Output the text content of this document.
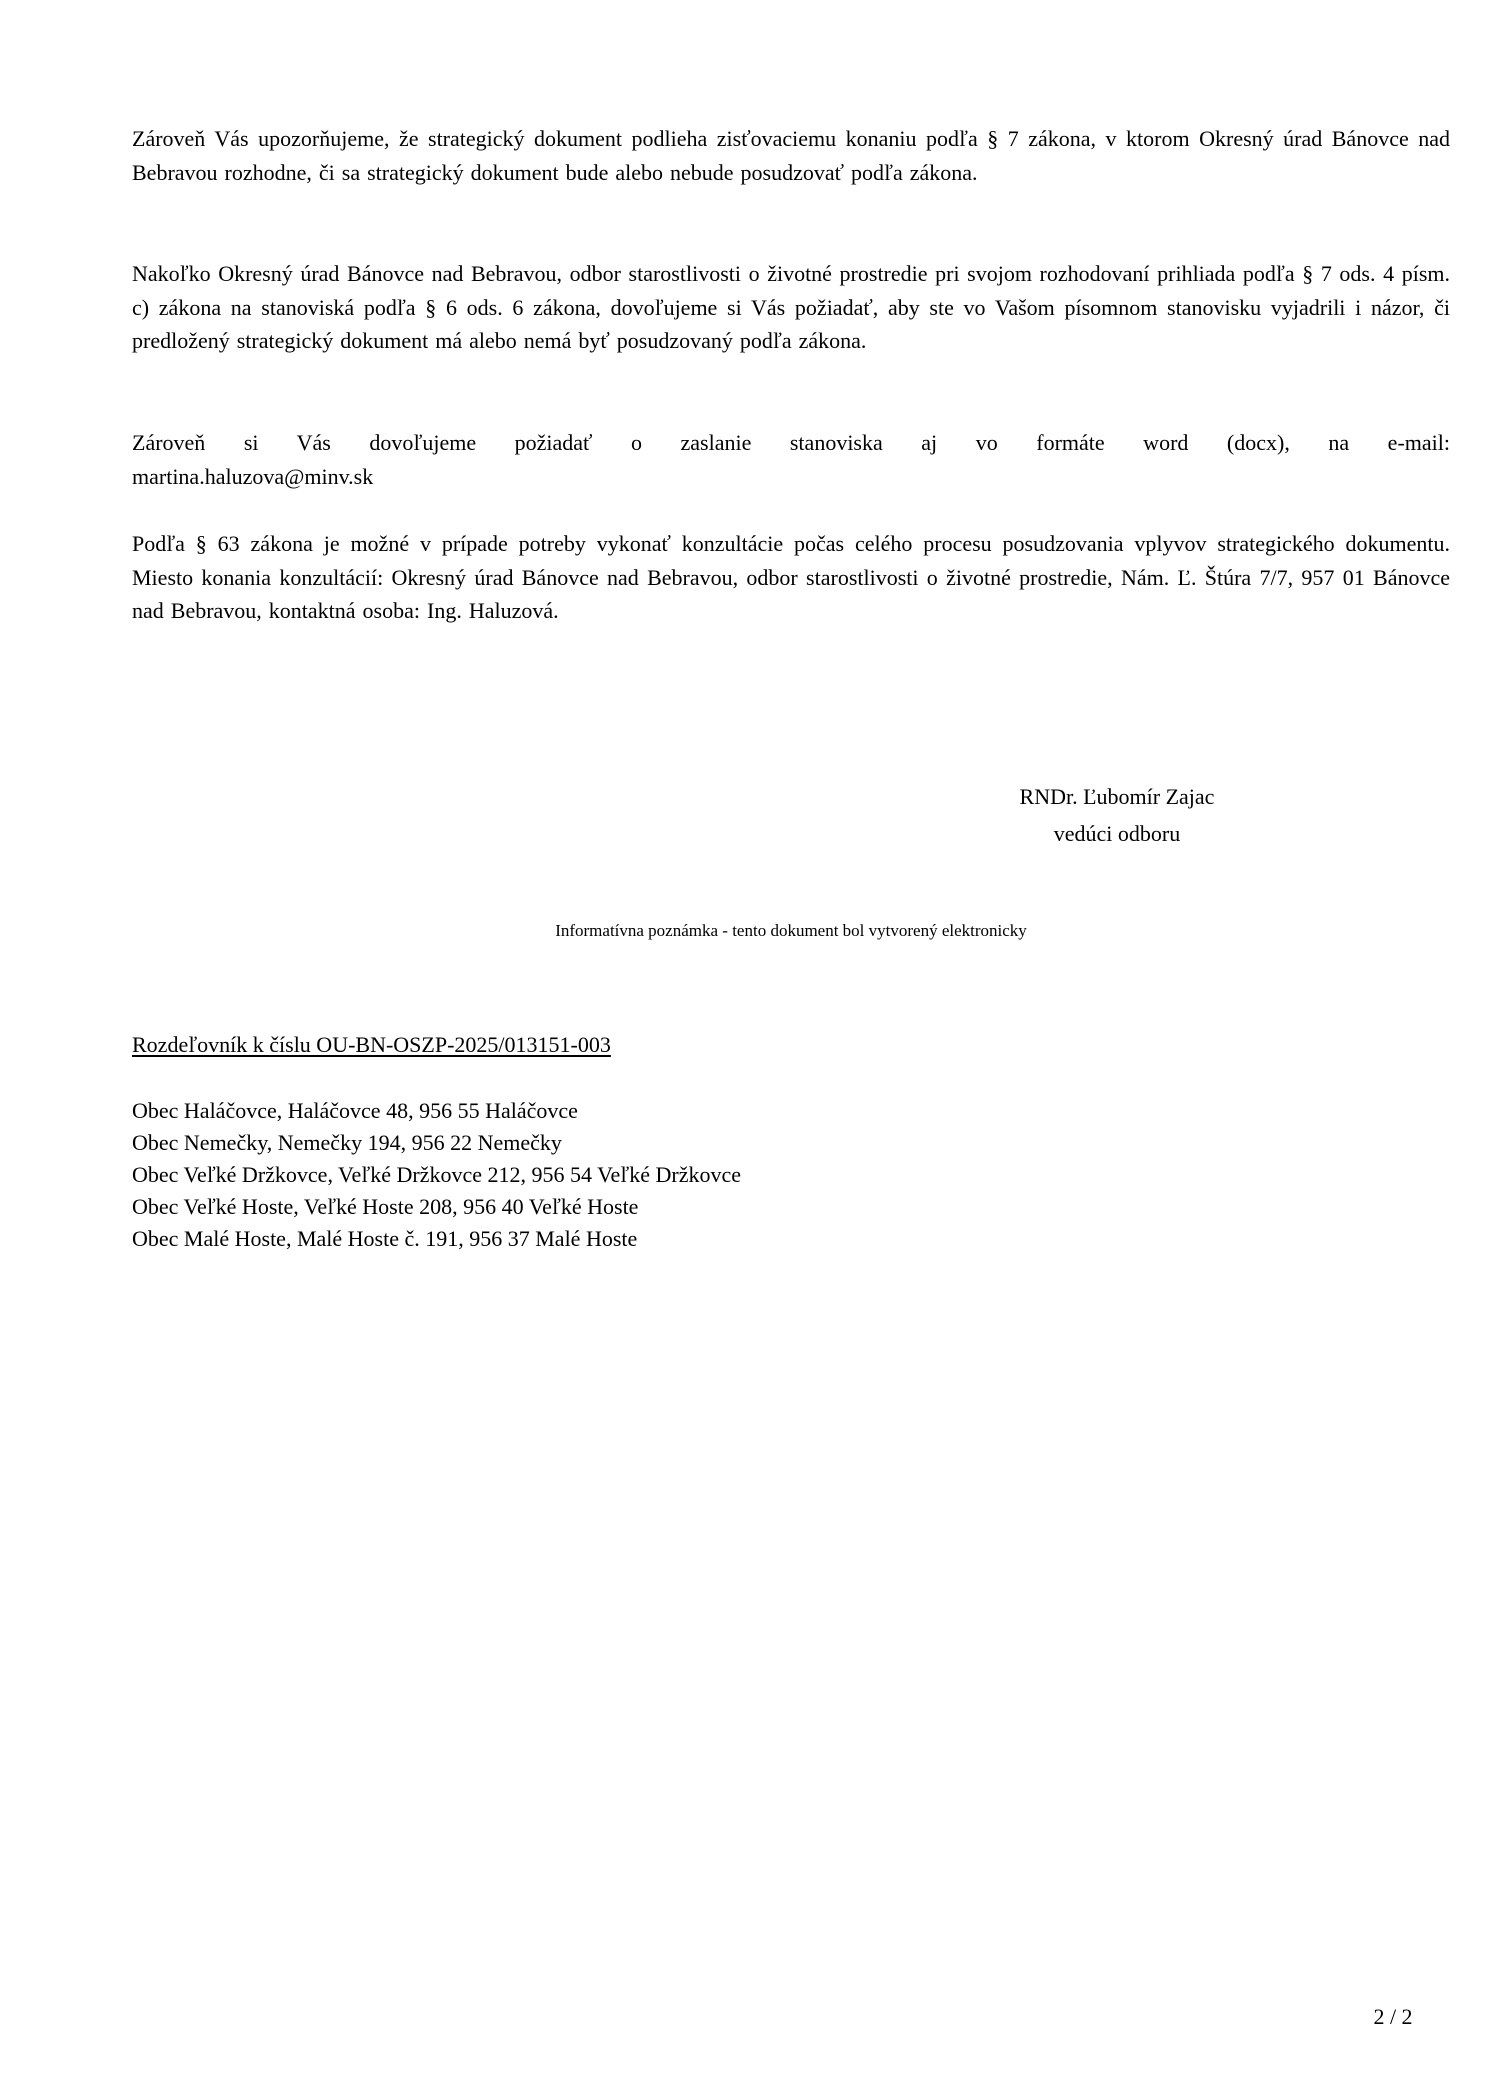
Zároveň Vás upozorňujeme, že strategický dokument podlieha zisťovaciemu konaniu podľa § 7 zákona, v ktorom Okresný úrad Bánovce nad Bebravou rozhodne, či sa strategický dokument bude alebo nebude posudzovať podľa zákona.

Nakoľko Okresný úrad Bánovce nad Bebravou, odbor starostlivosti o životné prostredie pri svojom rozhodovaní prihliada podľa § 7 ods. 4 písm. c) zákona na stanoviská podľa § 6 ods. 6 zákona, dovoľujeme si Vás požiadať, aby ste vo Vašom písomnom stanovisku vyjadrili i názor, či predložený strategický dokument má alebo nemá byť posudzovaný podľa zákona.

Zároveň si Vás dovoľujeme požiadať o zaslanie stanoviska aj vo formáte word (docx), na e-mail:
martina.haluzova@minv.sk

Podľa § 63 zákona je možné v prípade potreby vykonať konzultácie počas celého procesu posudzovania vplyvov strategického dokumentu. Miesto konania konzultácií: Okresný úrad Bánovce nad Bebravou, odbor starostlivosti o životné prostredie, Nám. Ľ. Štúra 7/7, 957 01 Bánovce nad Bebravou, kontaktná osoba: Ing. Haluzová.

RNDr. Ľubomír Zajac
vedúci odboru
Informatívna poznámka - tento dokument bol vytvorený elektronicky
Rozdeľovník k číslu OU-BN-OSZP-2025/013151-003
Obec Haláčovce, Haláčovce 48, 956 55 Haláčovce
Obec Nemečky, Nemečky 194, 956 22 Nemečky
Obec Veľké Držkovce, Veľké Držkovce 212, 956 54 Veľké Držkovce
Obec Veľké Hoste, Veľké Hoste 208, 956 40 Veľké Hoste
Obec Malé Hoste, Malé Hoste č. 191, 956 37 Malé Hoste
2 / 2
